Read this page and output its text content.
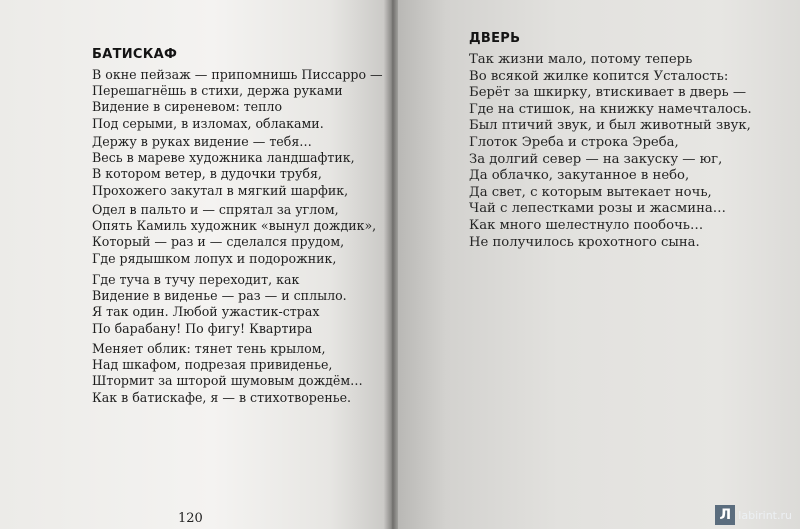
БАТИСКАФ
В окне пейзаж — припомнишь Писсарро —
Перешагнёшь в стихи, держа руками
Видение в сиреневом: тепло
Под серыми, в изломах, облаками.
Держу в руках видение — тебя…
Весь в мареве художника ландшафтик,
В котором ветер, в дудочки трубя,
Прохожего закутал в мягкий шарфик,
Одел в пальто и — спрятал за углом,
Опять Камиль художник «вынул дождик»,
Который — раз и — сделался прудом,
Где рядышком лопух и подорожник,
Где туча в тучу переходит, как
Видение в виденье — раз — и сплыло.
Я так один. Любой ужастик-страх
По барабану! По фигу! Квартира
Меняет облик: тянет тень крылом,
Над шкафом, подрезая привиденье,
Штормит за шторой шумовым дождём…
Как в батискафе, я — в стихотворенье.
120
ДВЕРЬ
Так жизни мало, потому теперь
Во всякой жилке копится Усталость:
Берёт за шкирку, втискивает в дверь —
Где на стишок, на книжку намечталось.
Был птичий звук, и был животный звук,
Глоток Эреба и строка Эреба,
За долгий север — на закуску — юг,
Да облачко, закутанное в небо,
Да свет, с которым вытекает ночь,
Чай с лепестками розы и жасмина…
Как много шелестнуло пообочь…
Не получилось крохотного сына.
Л labirint.ru
